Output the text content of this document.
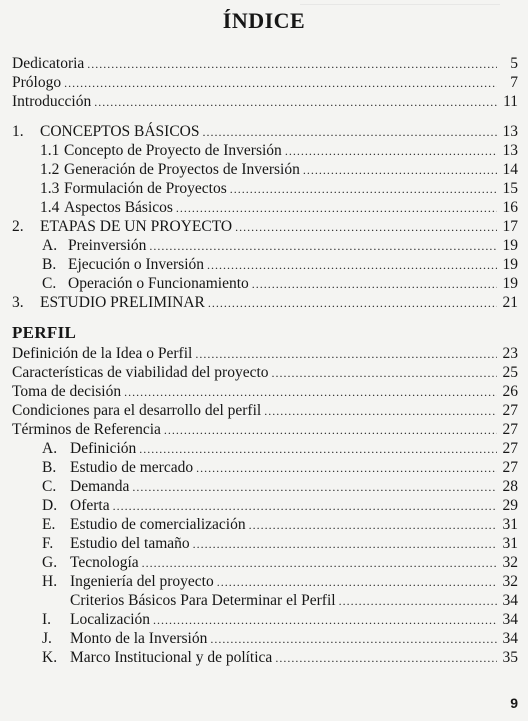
ÍNDICE
Dedicatoria .....	5
Prólogo .....	7
Introducción .....	11
1.	CONCEPTOS BÁSICOS .....	13
1.1 Concepto de Proyecto de Inversión .....	13
1.2 Generación de Proyectos de Inversión .....	14
1.3 Formulación de Proyectos .....	15
1.4 Aspectos Básicos .....	16
2.	ETAPAS DE UN PROYECTO .....	17
A. Preinversión .....	19
B. Ejecución o Inversión .....	19
C. Operación o Funcionamiento .....	19
3.	ESTUDIO PRELIMINAR .....	21
PERFIL
Definición de la Idea o Perfil .....	23
Características de viabilidad del proyecto .....	25
Toma de decisión .....	26
Condiciones para el desarrollo del perfil .....	27
Términos de Referencia .....	27
A. Definición .....	27
B. Estudio de mercado .....	27
C. Demanda .....	28
D. Oferta .....	29
E. Estudio de comercialización .....	31
F.	Estudio del tamaño .....	31
G. Tecnología .....	32
H. Ingeniería del proyecto .....	32
Criterios Básicos Para Determinar el Perfil .....	34
I.	Localización .....	34
J.	Monto de la Inversión .....	34
K. Marco Institucional y de política .....	35
9
